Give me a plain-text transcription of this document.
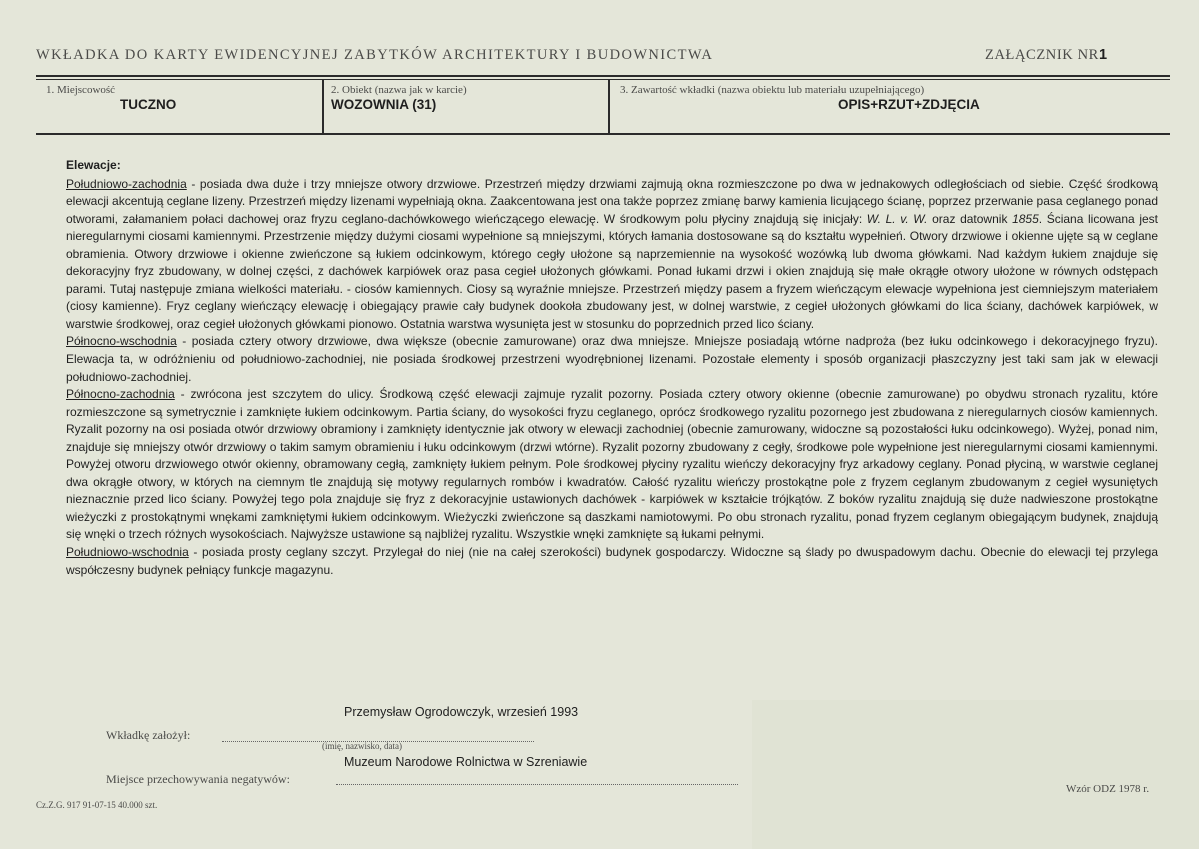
WKŁADKA DO KARTY EWIDENCYJNEJ ZABYTKÓW ARCHITEKTURY I BUDOWNICTWA	ZAŁĄCZNIK NR1
1. Miejscowość
TUCZNO
2. Obiekt (nazwa jak w karcie)
WOZOWNIA (31)
3. Zawartość wkładki (nazwa obiektu lub materiału uzupełniającego)
OPIS+RZUT+ZDJĘCIA

Elewacje:

Południowo-zachodnia - posiada dwa duże i trzy mniejsze otwory drzwiowe. Przestrzeń między drzwiami zajmują okna rozmieszczone po dwa w jednakowych odległościach od siebie. Część środkową elewacji akcentują ceglane lizeny. Przestrzeń między lizenami wypełniają okna. Zaakcentowana jest ona także poprzez zmianę barwy kamienia licującego ścianę, poprzez przerwanie pasa ceglanego ponad otworami, załamaniem połaci dachowej oraz fryzu ceglano-dachówkowego wieńczącego elewację. W środkowym polu płyciny znajdują się inicjały: W. L. v. W. oraz datownik 1855. Ściana licowana jest nieregularnymi ciosami kamiennymi. Przestrzenie między dużymi ciosami wypełnione są mniejszymi, których łamania dostosowane są do kształtu wypełnień. Otwory drzwiowe i okienne ujęte są w ceglane obramienia. Otwory drzwiowe i okienne zwieńczone są łukiem odcinkowym, którego cegły ułożone są naprzemiennie na wysokość wozówką lub dwoma główkami. Nad każdym łukiem znajduje się dekoracyjny fryz zbudowany, w dolnej części, z dachówek karpiówek oraz pasa cegieł ułożonych główkami. Ponad łukami drzwi i okien znajdują się małe okrągłe otwory ułożone w równych odstępach parami. Tutaj następuje zmiana wielkości materiału. - ciosów kamiennych. Ciosy są wyraźnie mniejsze. Przestrzeń między pasem a fryzem wieńczącym elewacje wypełniona jest ciemniejszym materiałem (ciosy kamienne). Fryz ceglany wieńczący elewację i obiegający prawie cały budynek dookoła zbudowany jest, w dolnej warstwie, z cegieł ułożonych główkami do lica ściany, dachówek karpiówek, w warstwie środkowej, oraz cegieł ułożonych główkami pionowo. Ostatnia warstwa wysunięta jest w stosunku do poprzednich przed lico ściany.

Północno-wschodnia - posiada cztery otwory drzwiowe, dwa większe (obecnie zamurowane) oraz dwa mniejsze. Mniejsze posiadają wtórne nadproża (bez łuku odcinkowego i dekoracyjnego fryzu). Elewacja ta, w odróżnieniu od południowo-zachodniej, nie posiada środkowej przestrzeni wyodrębnionej lizenami. Pozostałe elementy i sposób organizacji płaszczyzny jest taki sam jak w elewacji południowo-zachodniej.

Północno-zachodnia - zwrócona jest szczytem do ulicy. Środkową część elewacji zajmuje ryzalit pozorny. Posiada cztery otwory okienne (obecnie zamurowane) po obydwu stronach ryzalitu, które rozmieszczone są symetrycznie i zamknięte łukiem odcinkowym. Partia ściany, do wysokości fryzu ceglanego, oprócz środkowego ryzalitu pozornego jest zbudowana z nieregularnych ciosów kamiennych. Ryzalit pozorny na osi posiada otwór drzwiowy obramiony i zamknięty identycznie jak otwory w elewacji zachodniej (obecnie zamurowany, widoczne są pozostałości łuku odcinkowego). Wyżej, ponad nim, znajduje się mniejszy otwór drzwiowy o takim samym obramieniu i łuku odcinkowym (drzwi wtórne). Ryzalit pozorny zbudowany z cegły, środkowe pole wypełnione jest nieregularnymi ciosami kamiennymi. Powyżej otworu drzwiowego otwór okienny, obramowany cegłą, zamknięty łukiem pełnym. Pole środkowej płyciny ryzalitu wieńczy dekoracyjny fryz arkadowy ceglany. Ponad płyciną, w warstwie ceglanej dwa okrągłe otwory, w których na ciemnym tle znajdują się motywy regularnych rombów i kwadratów. Całość ryzalitu wieńczy prostokątne pole z fryzem ceglanym zbudowanym z cegieł wysuniętych nieznacznie przed lico ściany. Powyżej tego pola znajduje się fryz z dekoracyjnie ustawionych dachówek - karpiówek w kształcie trójkątów. Z boków ryzalitu znajdują się duże nadwieszone prostokątne wieżyczki z prostokątnymi wnękami zamkniętymi łukiem odcinkowym. Wieżyczki zwieńczone są daszkami namiotowymi. Po obu stronach ryzalitu, ponad fryzem ceglanym obiegającym budynek, znajdują się wnęki o trzech różnych wysokościach. Najwyższe ustawione są najbliżej ryzalitu. Wszystkie wnęki zamknięte są łukami pełnymi.

Południowo-wschodnia - posiada prosty ceglany szczyt. Przylegał do niej (nie na całej szerokości) budynek gospodarczy. Widoczne są ślady po dwuspadowym dachu. Obecnie do elewacji tej przylega współczesny budynek pełniący funkcje magazynu.

Przemysław Ogrodowczyk, wrzesień 1993
Wkładkę założył:
(imię, nazwisko, data)
Muzeum Narodowe Rolnictwa w Szreniawie
Miejsce przechowywania negatywów:
Cz.Z.G. 917 91-07-15 40.000 szt.
Wzór ODZ 1978 r.
